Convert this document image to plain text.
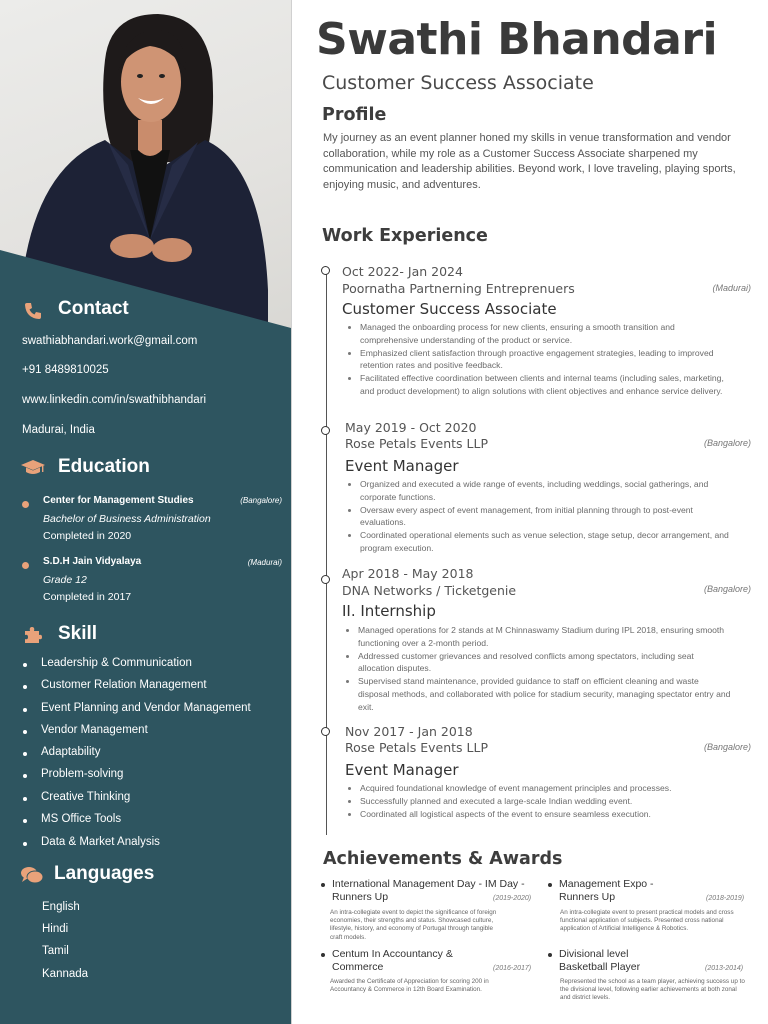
Contact
swathiabhandari.work@gmail.com
+91 8489810025
www.linkedin.com/in/swathibhandari
Madurai, India
Education
Center for Management Studies	(Bangalore)
Bachelor of Business Administration
Completed in 2020
S.D.H Jain Vidyalaya	(Madurai)
Grade 12
Completed in 2017
Skill
Leadership & Communication
Customer Relation Management
Event Planning and Vendor Management
Vendor Management
Adaptability
Problem-solving
Creative Thinking
MS Office Tools
Data & Market Analysis
Languages
English
Hindi
Tamil
Kannada
Swathi Bhandari
Customer Success Associate
Profile
My journey as an event planner honed my skills in venue transformation and vendor collaboration, while my role as a Customer Success Associate sharpened my communication and leadership abilities. Beyond work, I love traveling, playing sports, enjoying music, and adventures.
Work Experience
Oct 2022- Jan 2024
Poornatha Partnerning Entreprenuers	(Madurai)
Customer Success Associate
Managed the onboarding process for new clients, ensuring a smooth transition and comprehensive understanding of the product or service.
Emphasized client satisfaction through proactive engagement strategies, leading to improved retention rates and positive feedback.
Facilitated effective coordination between clients and internal teams (including sales, marketing, and product development) to align solutions with client objectives and enhance service delivery.
May 2019 - Oct 2020
Rose Petals Events LLP	(Bangalore)
Event Manager
Organized and executed a wide range of events, including weddings, social gatherings, and corporate functions.
Oversaw every aspect of event management, from initial planning through to post-event evaluations.
Coordinated operational elements such as venue selection, stage setup, decor arrangement, and program execution.
Apr 2018 - May 2018
DNA Networks / Ticketgenie	(Bangalore)
II. Internship
Managed operations for 2 stands at M Chinnaswamy Stadium during IPL 2018, ensuring smooth functioning over a 2-month period.
Addressed customer grievances and resolved conflicts among spectators, including seat allocation disputes.
Supervised stand maintenance, provided guidance to staff on efficient cleaning and waste disposal methods, and collaborated with police for stadium security, managing spectator entry and exit.
Nov 2017 - Jan 2018
Rose Petals Events LLP	(Bangalore)
Event Manager
Acquired foundational knowledge of event management principles and processes.
Successfully planned and executed a large-scale Indian wedding event.
Coordinated all logistical aspects of the event to ensure seamless execution.
Achievements & Awards
International Management Day - IM Day - Runners Up	(2019-2020)
An intra-collegiate event to depict the significance of foreign economies, their strengths and status. Showcased culture, lifestyle, history, and economy of Portugal through tangible craft models.
Management Expo - Runners Up	(2018-2019)
An intra-collegiate event to present practical models and cross functional application of subjects. Presented cross national application of Artificial Intelligence & Robotics.
Centum In Accountancy & Commerce	(2016-2017)
Awarded the Certificate of Appreciation for scoring 200 in Accountancy & Commerce in 12th Board Examination.
Divisional level Basketball Player	(2013-2014)
Represented the school as a team player, achieving success up to the divisional level, following earlier achievements at both zonal and district levels.
